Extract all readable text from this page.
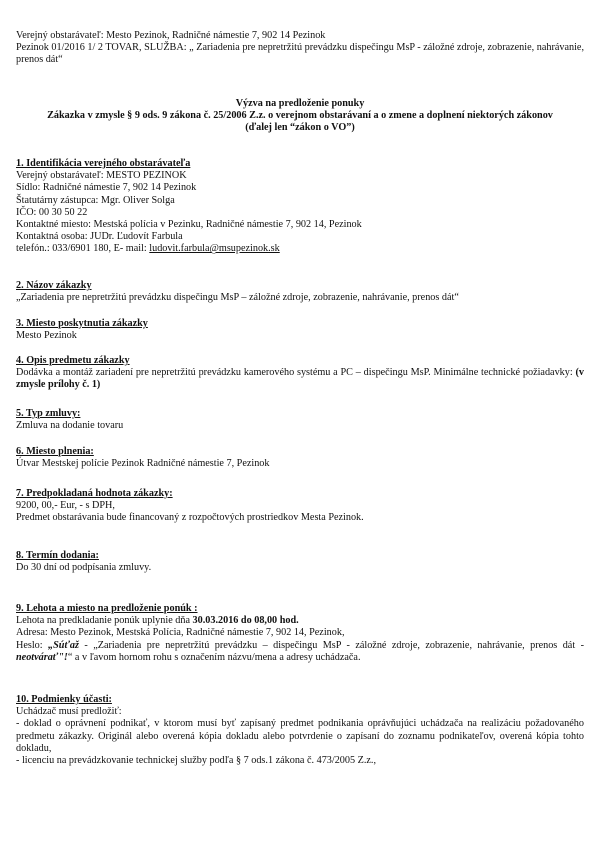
Verejný obstarávateľ: Mesto Pezinok, Radničné námestie 7, 902 14 Pezinok

Pezinok 01/2016 1/ 2 TOVAR, SLUŽBA: „ Zariadenia pre nepretržitú prevádzku dispečingu MsP - záložné zdroje, zobrazenie, nahrávanie, prenos dát“

Výzva na predloženie ponuky

Zákazka v zmysle § 9 ods. 9 zákona č. 25/2006 Z.z. o verejnom obstarávaní a o zmene a doplnení niektorých zákonov

(ďalej len “zákon o VO”)

1. Identifikácia verejného obstarávateľa

Verejný obstarávateľ: MESTO PEZINOK

Sídlo: Radničné námestie 7, 902 14 Pezinok

Štatutárny zástupca: Mgr. Oliver Solga

IČO: 00 30 50 22

Kontaktné miesto: Mestská polícia v Pezinku, Radničné námestie 7, 902 14, Pezinok

Kontaktná osoba: JUDr. Ľudovít Farbula

telefón.: 033/6901 180, E- mail: ludovit.farbula@msupezinok.sk

2. Názov zákazky

„Zariadenia pre nepretržitú prevádzku dispečingu MsP – záložné zdroje, zobrazenie, nahrávanie, prenos dát“

3. Miesto poskytnutia zákazky

Mesto Pezinok

4. Opis predmetu zákazky

Dodávka a montáž zariadení pre nepretržitú prevádzku kamerového systému a PC – dispečingu MsP. Minimálne technické požiadavky: (v zmysle prílohy č. 1)

5. Typ zmluvy:

Zmluva na dodanie tovaru

6. Miesto plnenia:

Útvar Mestskej polície Pezinok Radničné námestie 7, Pezinok

7. Predpokladaná hodnota zákazky:

9200, 00,- Eur, - s DPH,

Predmet obstarávania bude financovaný z rozpočtových prostriedkov Mesta Pezinok.

8. Termín dodania:

Do 30 dní od podpísania zmluvy.

9. Lehota a miesto na predloženie ponúk :

Lehota na predkladanie ponúk uplynie dňa 30.03.2016 do 08,00 hod.

Adresa: Mesto Pezinok, Mestská Polícia, Radničné námestie 7, 902 14, Pezinok,

Heslo: „Súťaž - „Zariadenia pre nepretržitú prevádzku – dispečingu MsP - záložné zdroje, zobrazenie, nahrávanie, prenos dát - neotvárať"!“ a v ľavom hornom rohu s označením názvu/mena a adresy uchádzača.

10. Podmienky účasti:

Uchádzač musí predložiť:

- doklad o oprávnení podnikať, v ktorom musí byť zapísaný predmet podnikania oprávňujúci uchádzača na realizáciu požadovaného predmetu zákazky. Originál alebo overená kópia dokladu alebo potvrdenie o zapísaní do zoznamu podnikateľov, overená kópia tohto dokladu,

- licenciu na prevádzkovanie technickej služby podľa § 7 ods.1 zákona č. 473/2005 Z.z.,
